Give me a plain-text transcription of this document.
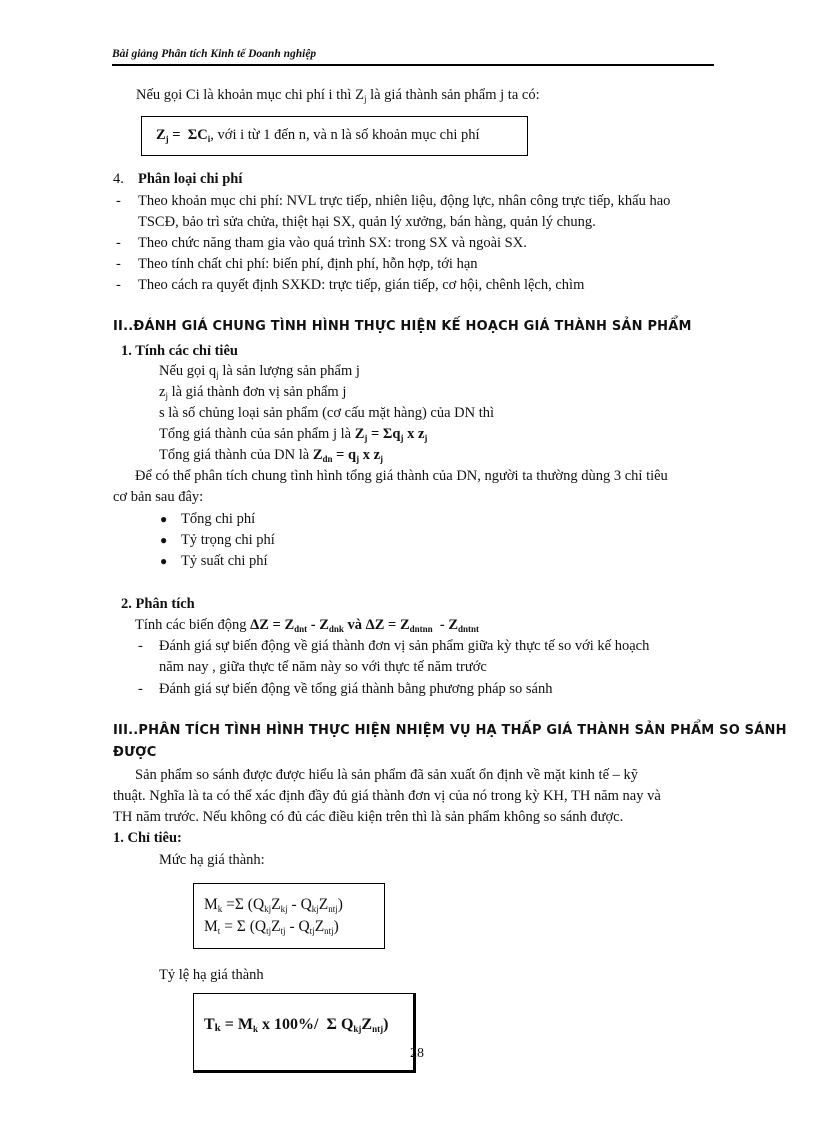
Bài giảng Phân tích Kinh tế Doanh nghiệp
Nếu gọi Ci là khoản mục chi phí i thì $Z_j$ là giá thành sản phẩm j ta có:
$Z_j = \Sigma C_i$, với i từ 1 đến n, và n là số khoản mục chi phí
4. Phân loại chi phí
- Theo khoản mục chi phí: NVL trực tiếp, nhiên liệu, động lực, nhân công trực tiếp, khấu hao
TSCĐ, bảo trì sửa chửa, thiệt hại SX, quản lý xưởng, bán hàng, quản lý chung.
- Theo chức năng tham gia vào quá trình SX: trong SX và ngoài SX.
- Theo tính chất chi phí: biến phí, định phí, hỗn hợp, tới hạn
- Theo cách ra quyết định SXKD: trực tiếp, gián tiếp, cơ hội, chênh lệch, chìm
II..ĐÁNH GIÁ CHUNG TÌNH HÌNH THỰC HIỆN KẾ HOẠCH GIÁ THÀNH SẢN PHẨM
1. Tính các chỉ tiêu
Nếu gọi $q_j$ là sản lượng sản phẩm j
$z_j$ là giá thành đơn vị sản phẩm j
s là số chủng loại sản phẩm (cơ cấu mặt hàng) của DN thì
Tổng giá thành của sản phẩm j là $Z_j = \Sigma q_j$ x $z_j$
Tổng giá thành của DN là $Z_{dn} = q_j$ x $z_j$
Để có thể phân tích chung tình hình tổng giá thành của DN, người ta thường dùng 3 chỉ tiêu
cơ bản sau đây:
● Tổng chi phí
● Tỷ trọng chi phí
● Tỷ suất chi phí
2. Phân tích
Tính các biến động $\Delta Z = Z_{dnt} - Z_{dnk}$ và $\Delta Z = Z_{dntnn} - Z_{dntnt}$
- Đánh giá sự biến động về giá thành đơn vị sản phẩm giữa kỳ thực tế so với kế hoạch
năm nay , giữa thực tế năm này so với thực tế năm trước
- Đánh giá sự biến động về tổng giá thành bằng phương pháp so sánh
III..PHÂN TÍCH TÌNH HÌNH THỰC HIỆN NHIỆM VỤ HẠ THẤP GIÁ THÀNH SẢN PHẨM SO SÁNH
ĐƯỢC
Sản phẩm so sánh được được hiểu là sản phẩm đã sản xuất ổn định về mặt kinh tế – kỹ
thuật. Nghĩa là ta có thể xác định đầy đủ giá thành đơn vị của nó trong kỳ KH, TH năm nay và
TH năm trước. Nếu không có đủ các điều kiện trên thì là sản phẩm không so sánh được.
1. Chỉ tiêu:
Mức hạ giá thành:
$M_k =\Sigma$ $(Q_{kj}Z_{kj} - Q_{kj}Z_{ntj})$
$M_t = \Sigma$ $(Q_{tj}Z_{tj} - Q_{tj}Z_{ntj})$
Tỷ lệ hạ giá thành
$Tk = M_k$ x 100%/  Σ $Q_{kj}Z_{ntj}$)
28
